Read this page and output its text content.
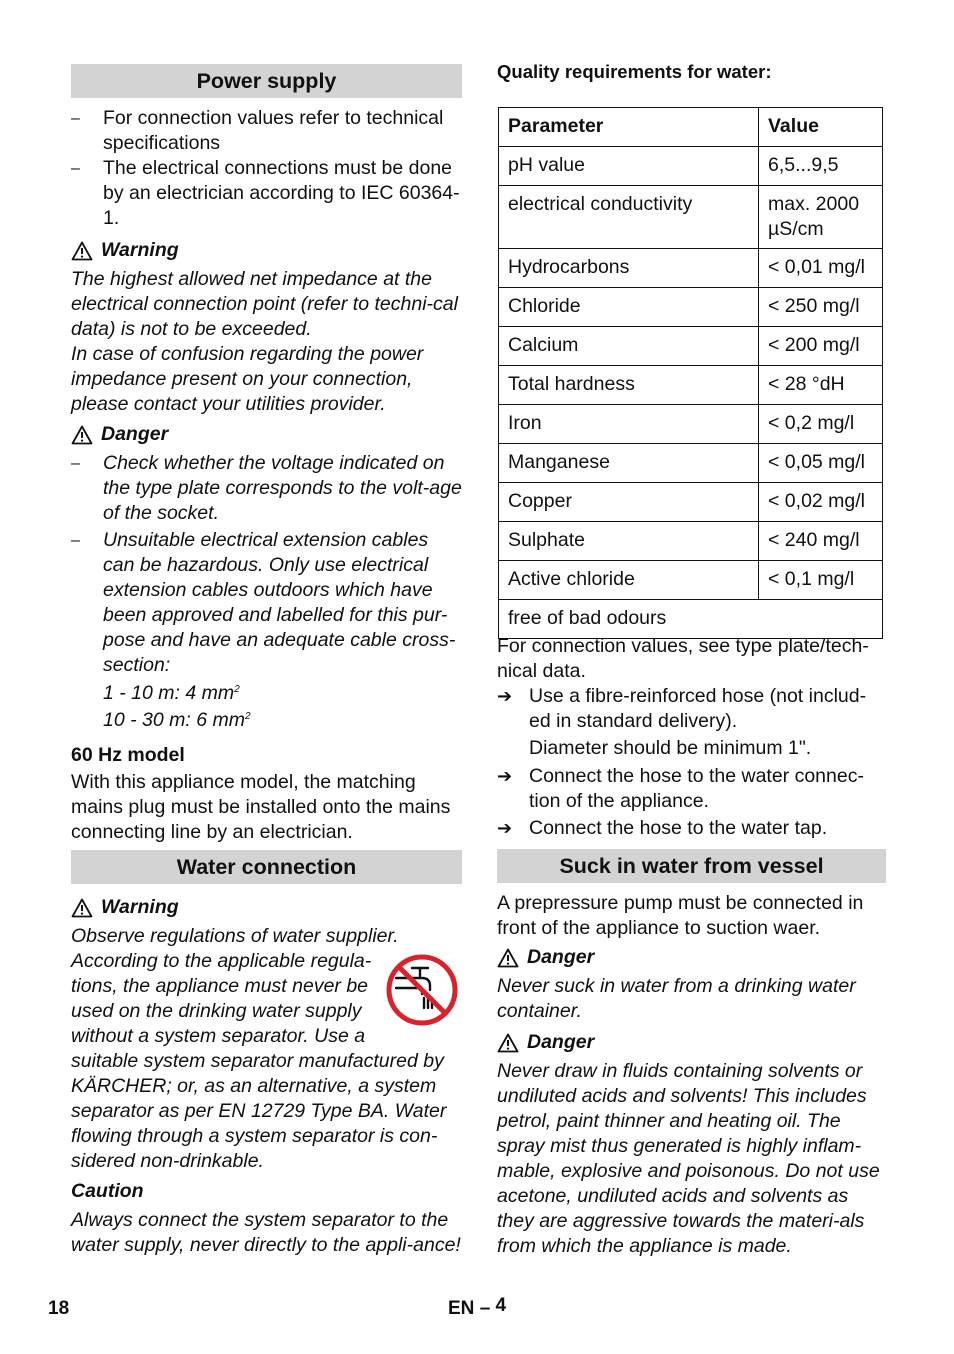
Power supply
– For connection values refer to technical specifications

– The electrical connections must be done by an electrician according to IEC 60364-1.

Warning

The highest allowed net impedance at the electrical connection point (refer to techni-cal data) is not to be exceeded.

In case of confusion regarding the power impedance present on your connection, please contact your utilities provider.

Danger
– Check whether the voltage indicated on the type plate corresponds to the volt-age of the socket.

– Unsuitable electrical extension cables can be hazardous. Only use electrical extension cables outdoors which have been approved and labelled for this pur-pose and have an adequate cable cross-section:

1 - 10 m: 4 $mm^2$

10 - 30 m: 6 $mm^2$

60 Hz model

With this appliance model, the matching mains plug must be installed onto the mains connecting line by an electrician.

Water connection
Warning

Observe regulations of water supplier.

According to the applicable regula-

tions, the appliance must never be

used on the drinking water supply

without a system separator. Use a

suitable system separator manufactured by KÄRCHER; or, as an alternative, a system separator as per EN 12729 Type BA. Water flowing through a system separator is con-sidered non-drinkable.

Caution

Always connect the system separator to the water supply, never directly to the appli-ance!

Quality requirements for water:

Parameter	Value
pH value	6,5...9,5
electrical conductivity	max. 2000 µS/cm
Hydrocarbons	< 0,01 mg/l
Chloride	< 250 mg/l
Calcium	< 200 mg/l
Total hardness	< 28 °dH
Iron	< 0,2 mg/l
Manganese	< 0,05 mg/l
Copper	< 0,02 mg/l
Sulphate	< 240 mg/l
Active chloride	< 0,1 mg/l
free of bad odours	

For connection values, see type plate/tech-nical data.

➔ Use a fibre-reinforced hose (not includ-ed in standard delivery).

Diameter should be minimum 1".

➔ Connect the hose to the water connec-tion of the appliance.

➔ Connect the hose to the water tap.

Suck in water from vessel

A prepressure pump must be connected in front of the appliance to suction waer.

Danger

Never suck in water from a drinking water container.

Danger

Never draw in fluids containing solvents or undiluted acids and solvents! This includes petrol, paint thinner and heating oil. The spray mist thus generated is highly inflam-mable, explosive and poisonous. Do not use acetone, undiluted acids and solvents as they are aggressive towards the materi-als from which the appliance is made.

18	EN – 4
